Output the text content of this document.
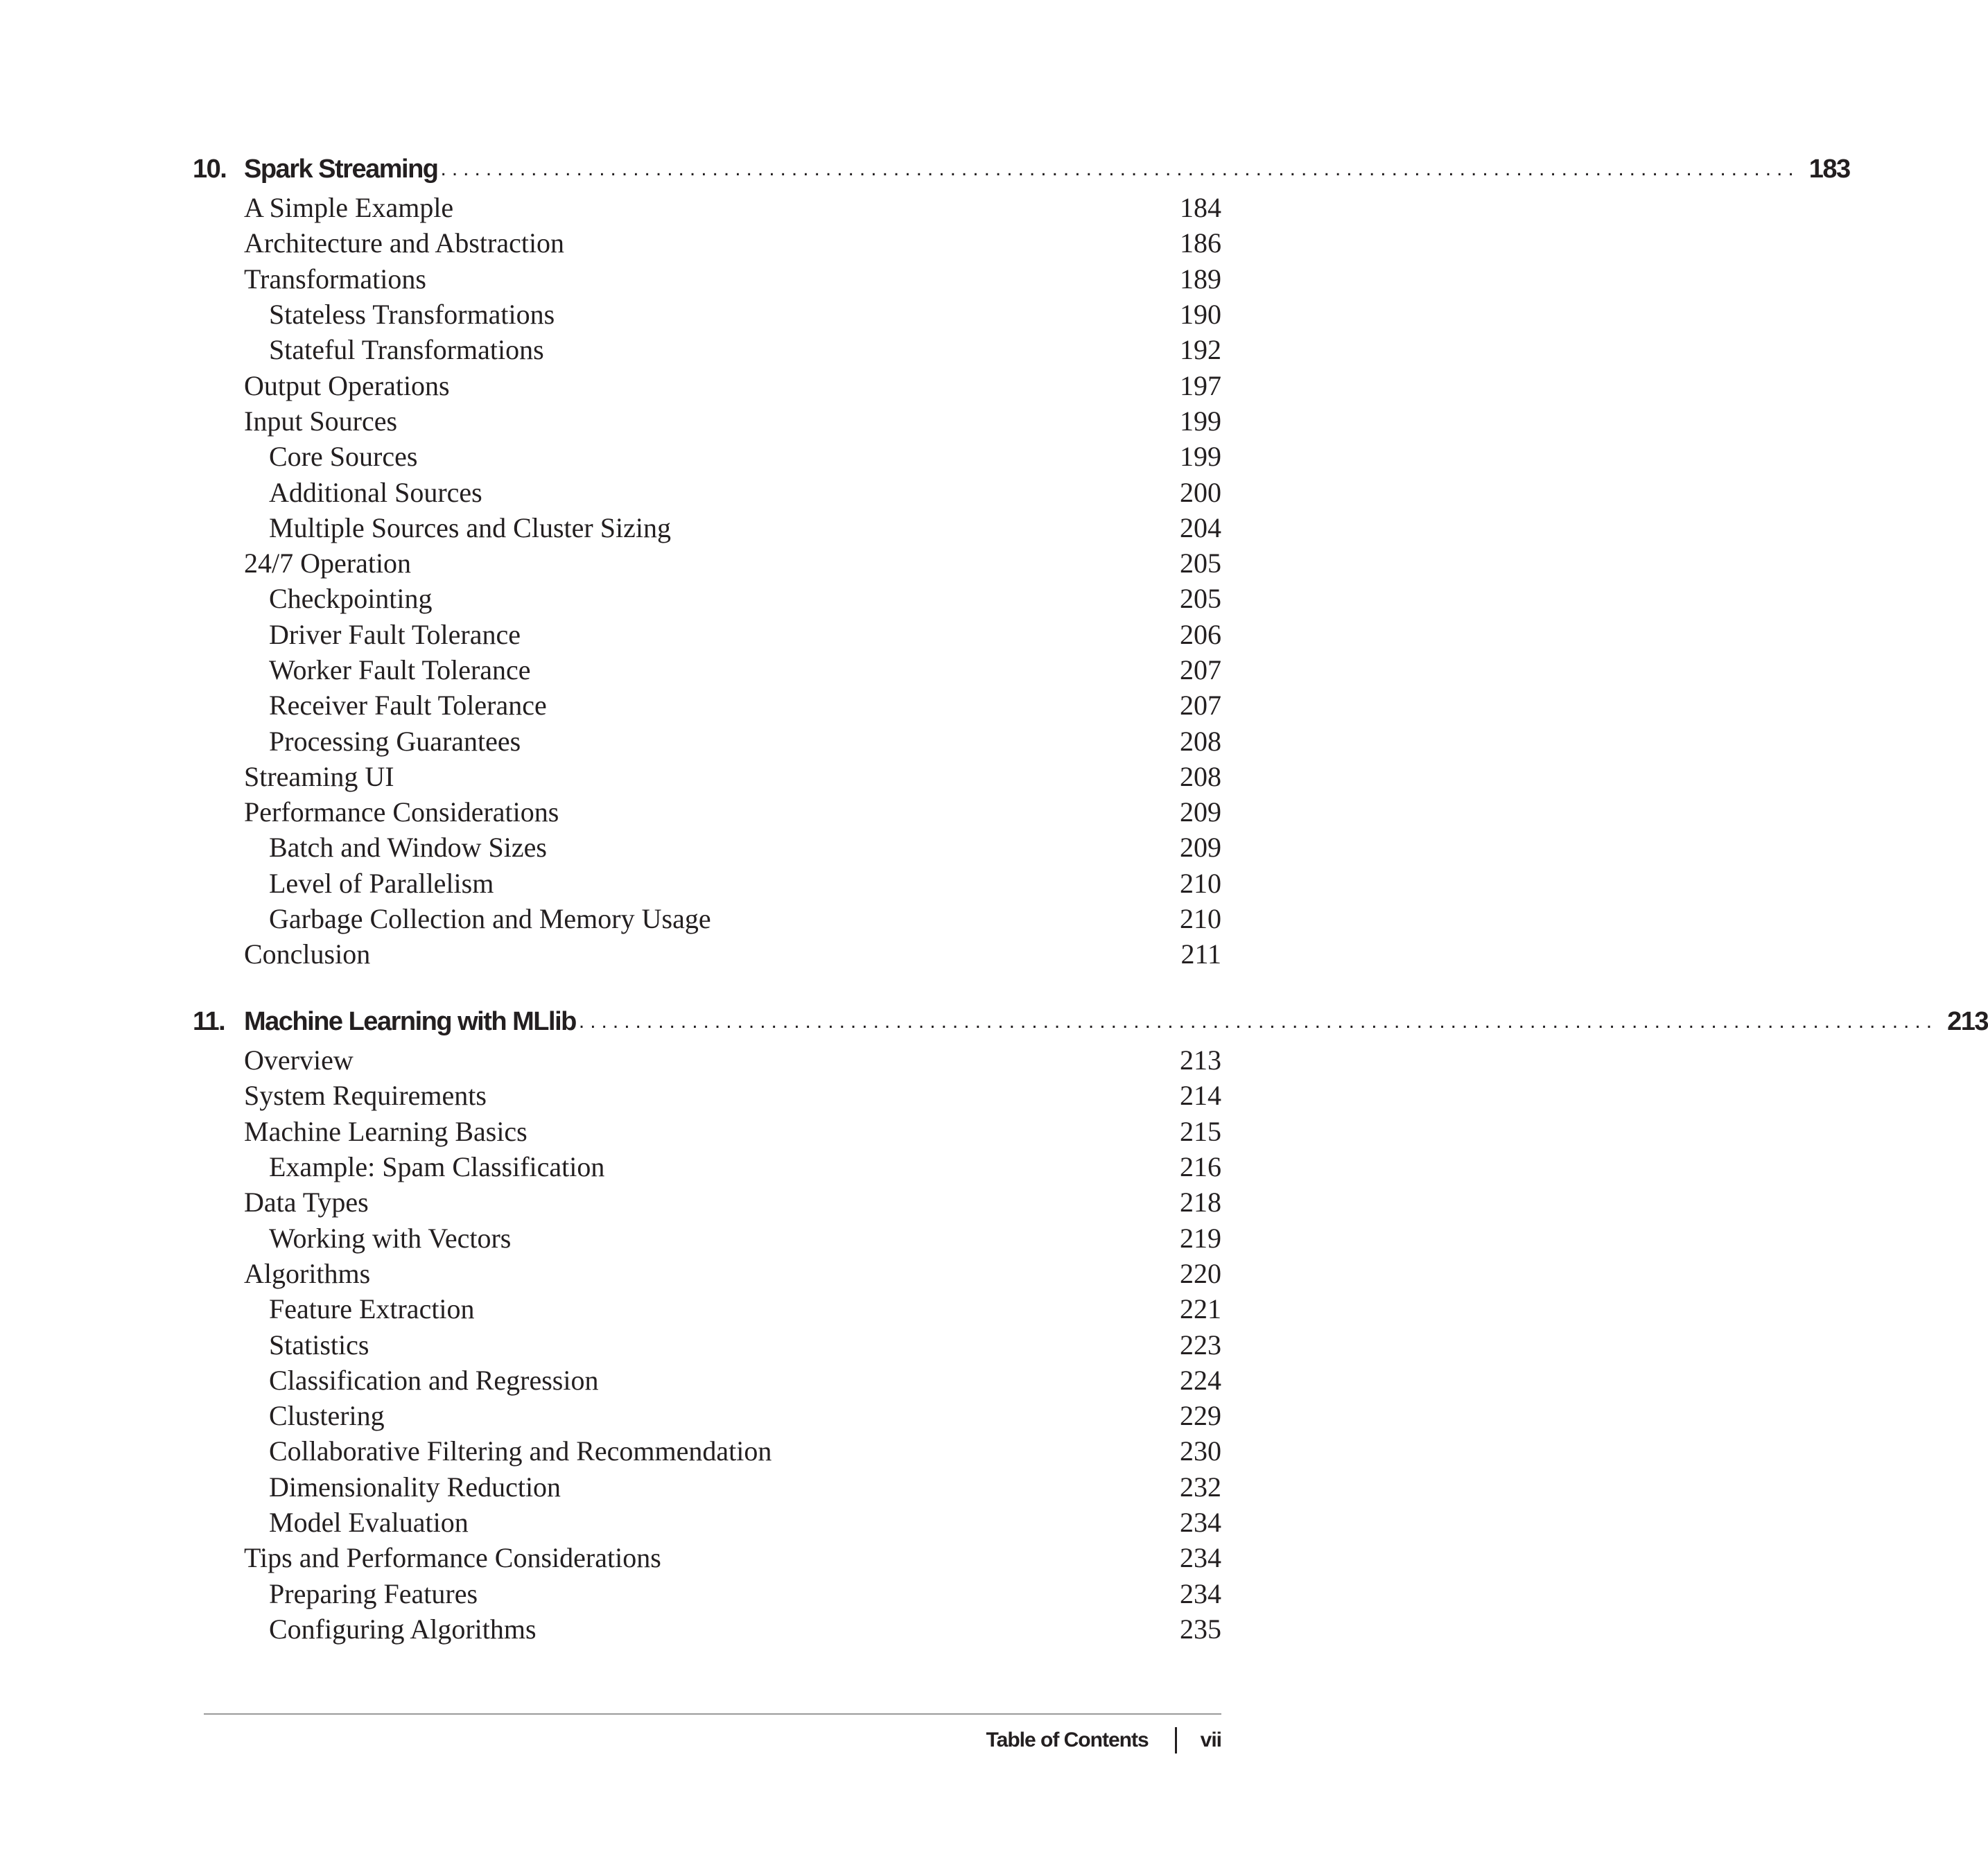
10. Spark Streaming ........................................................................................................................ 183
A Simple Example	184
Architecture and Abstraction	186
Transformations	189
Stateless Transformations	190
Stateful Transformations	192
Output Operations	197
Input Sources	199
Core Sources	199
Additional Sources	200
Multiple Sources and Cluster Sizing	204
24/7 Operation	205
Checkpointing	205
Driver Fault Tolerance	206
Worker Fault Tolerance	207
Receiver Fault Tolerance	207
Processing Guarantees	208
Streaming UI	208
Performance Considerations	209
Batch and Window Sizes	209
Level of Parallelism	210
Garbage Collection and Memory Usage	210
Conclusion	211
11. Machine Learning with MLlib ........................................................................................................................ 213
Overview	213
System Requirements	214
Machine Learning Basics	215
Example: Spam Classification	216
Data Types	218
Working with Vectors	219
Algorithms	220
Feature Extraction	221
Statistics	223
Classification and Regression	224
Clustering	229
Collaborative Filtering and Recommendation	230
Dimensionality Reduction	232
Model Evaluation	234
Tips and Performance Considerations	234
Preparing Features	234
Configuring Algorithms	235
Table of Contents	vii
